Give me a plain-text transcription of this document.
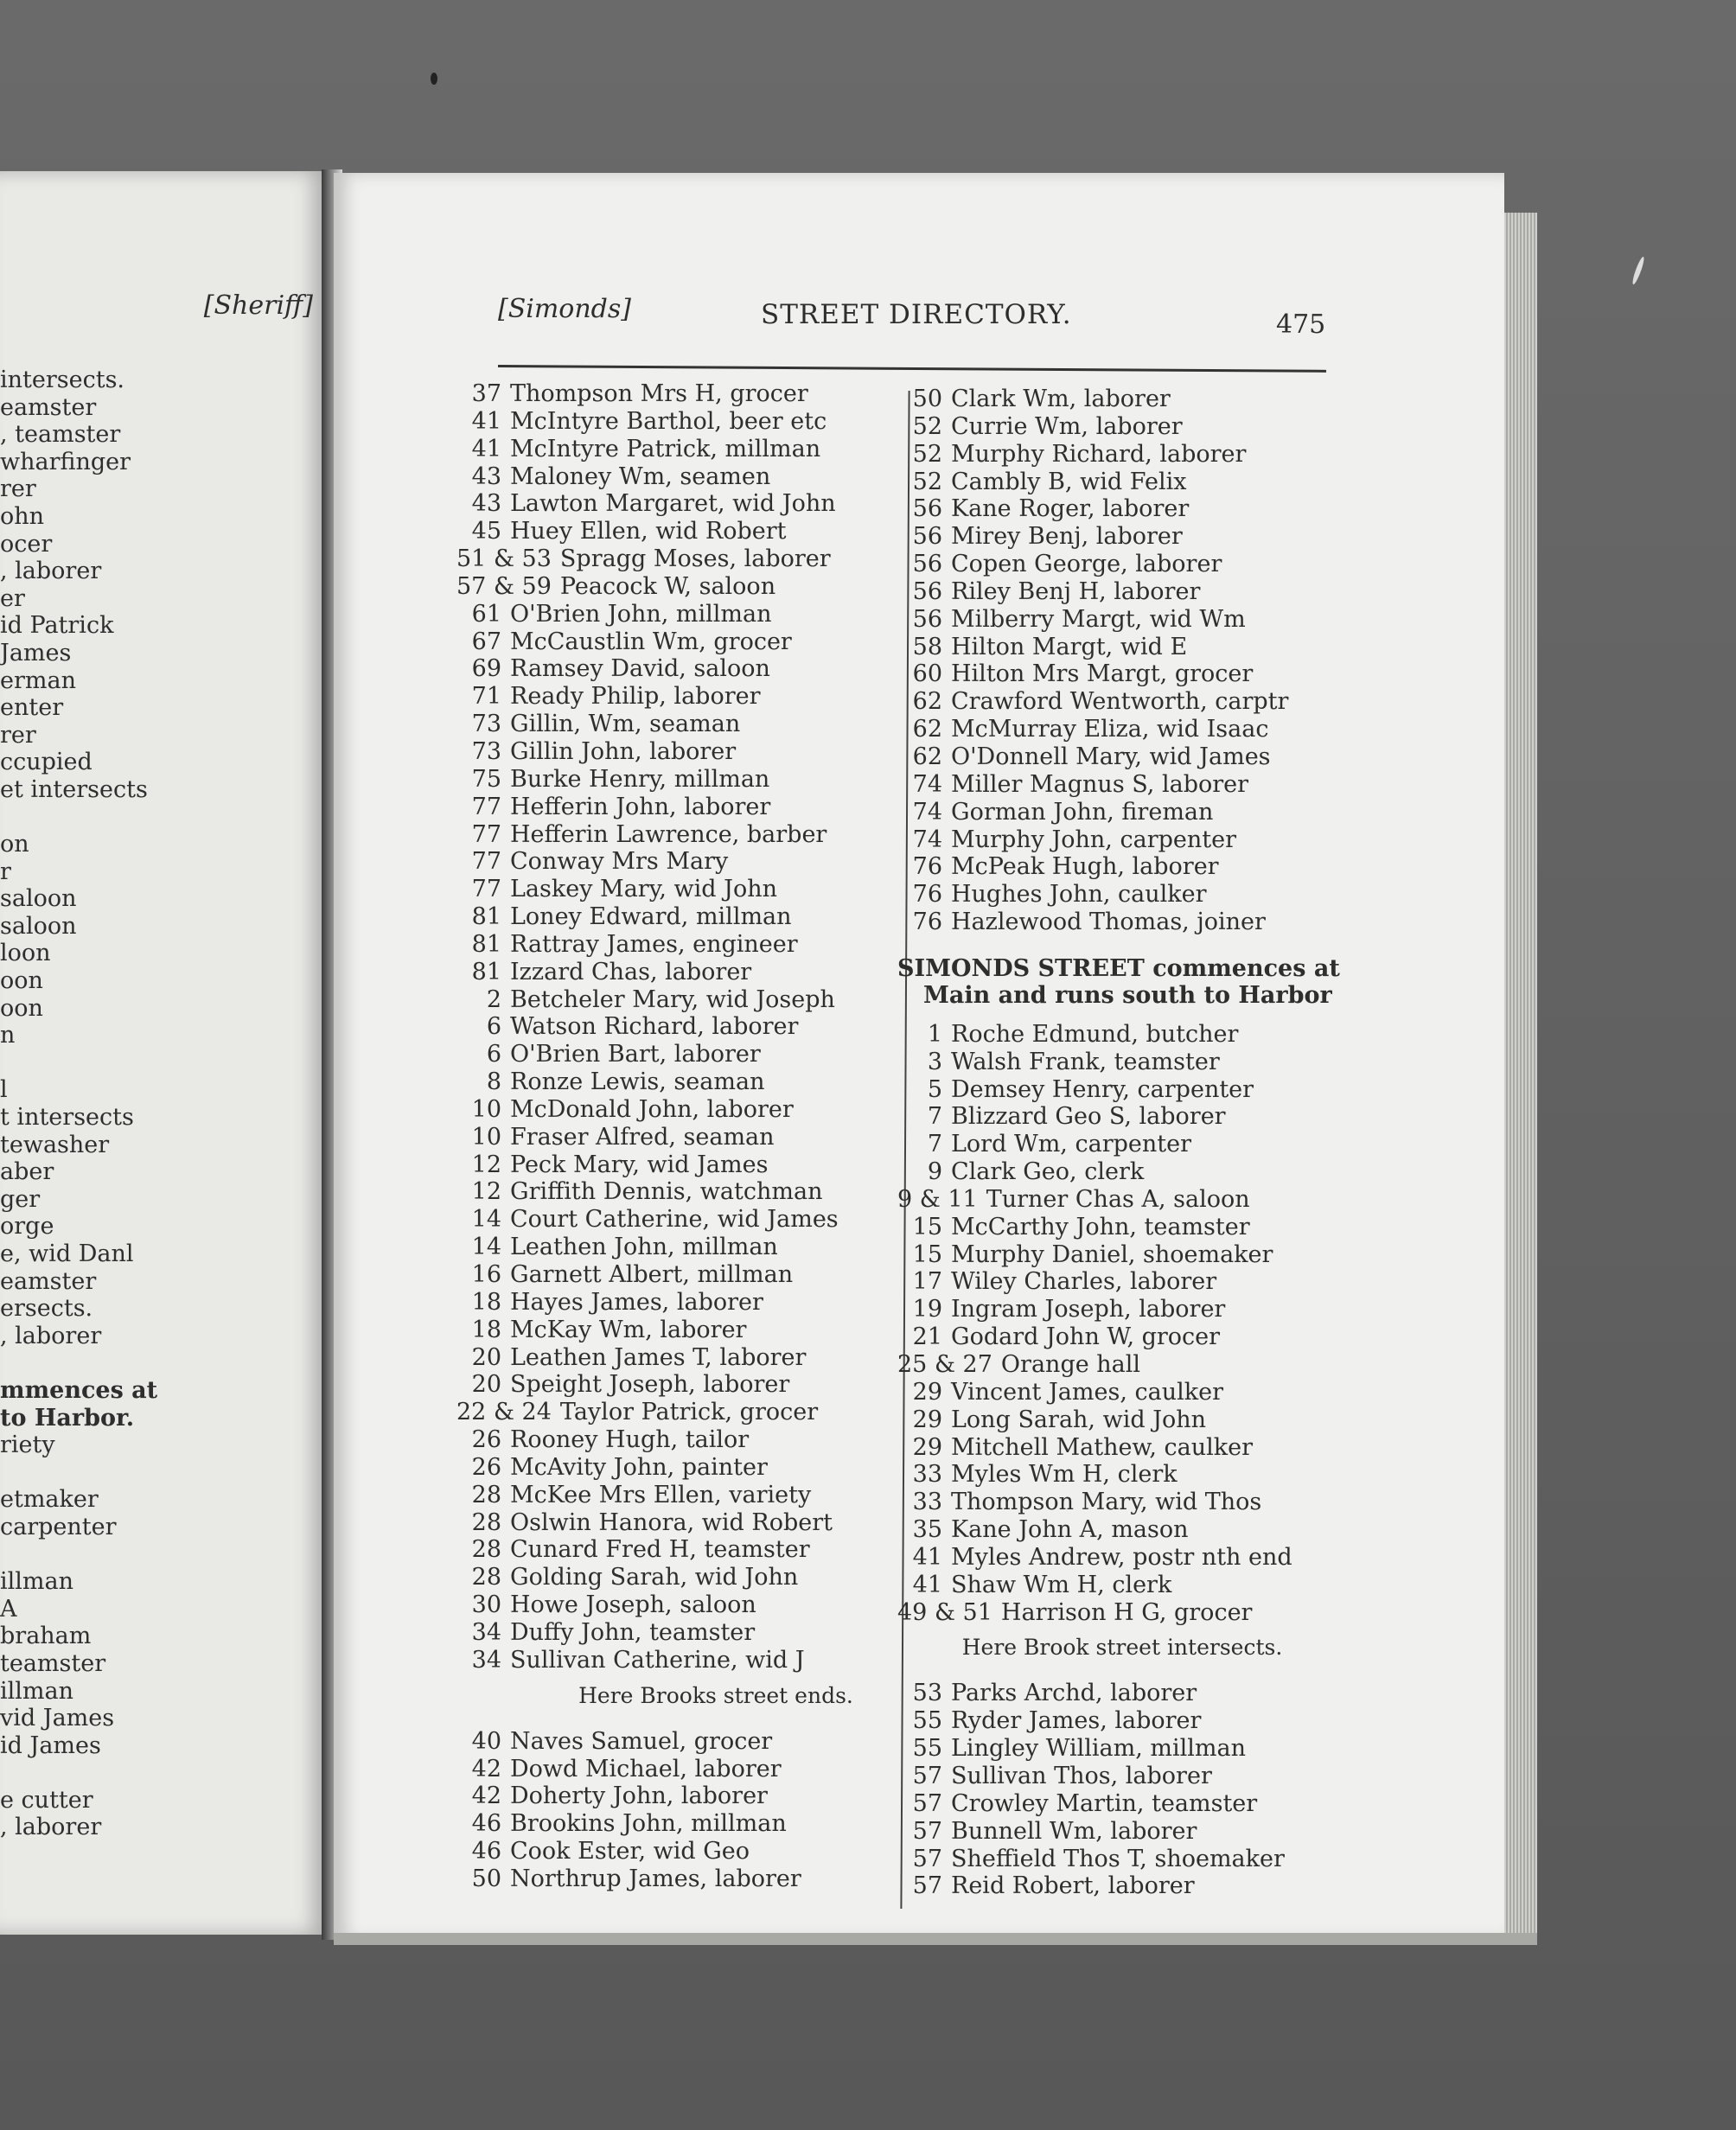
[Sheriff]
intersects.
eamster
, teamster
wharfinger
rer
ohn
ocer
, laborer
er
id Patrick
James
erman
enter
rer
ccupied
et intersects
on
r
saloon
saloon
loon
oon
oon
n
l
t intersects
tewasher
aber
ger
orge
e, wid Danl
eamster
ersects.
, laborer
mmences at
to Harbor.
riety
etmaker
carpenter
illman
A
braham
teamster
illman
vid James
id James
e cutter
, laborer
[Simonds]	STREET DIRECTORY.	475
37 Thompson Mrs H, grocer
41 McIntyre Barthol, beer etc
41 McIntyre Patrick, millman
43 Maloney Wm, seamen
43 Lawton Margaret, wid John
45 Huey Ellen, wid Robert
51 & 53 Spragg Moses, laborer
57 & 59 Peacock W, saloon
61 O'Brien John, millman
67 McCaustlin Wm, grocer
69 Ramsey David, saloon
71 Ready Philip, laborer
73 Gillin, Wm, seaman
73 Gillin John, laborer
75 Burke Henry, millman
77 Hefferin John, laborer
77 Hefferin Lawrence, barber
77 Conway Mrs Mary
77 Laskey Mary, wid John
81 Loney Edward, millman
81 Rattray James, engineer
81 Izzard Chas, laborer
2 Betcheler Mary, wid Joseph
6 Watson Richard, laborer
6 O'Brien Bart, laborer
8 Ronze Lewis, seaman
10 McDonald John, laborer
10 Fraser Alfred, seaman
12 Peck Mary, wid James
12 Griffith Dennis, watchman
14 Court Catherine, wid James
14 Leathen John, millman
16 Garnett Albert, millman
18 Hayes James, laborer
18 McKay Wm, laborer
20 Leathen James T, laborer
20 Speight Joseph, laborer
22 & 24 Taylor Patrick, grocer
26 Rooney Hugh, tailor
26 McAvity John, painter
28 McKee Mrs Ellen, variety
28 Oslwin Hanora, wid Robert
28 Cunard Fred H, teamster
28 Golding Sarah, wid John
30 Howe Joseph, saloon
34 Duffy John, teamster
34 Sullivan Catherine, wid J
Here Brooks street ends.
40 Naves Samuel, grocer
42 Dowd Michael, laborer
42 Doherty John, laborer
46 Brookins John, millman
46 Cook Ester, wid Geo
50 Northrup James, laborer
50 Clark Wm, laborer
52 Currie Wm, laborer
52 Murphy Richard, laborer
52 Cambly B, wid Felix
56 Kane Roger, laborer
56 Mirey Benj, laborer
56 Copen George, laborer
56 Riley Benj H, laborer
56 Milberry Margt, wid Wm
58 Hilton Margt, wid E
60 Hilton Mrs Margt, grocer
62 Crawford Wentworth, carptr
62 McMurray Eliza, wid Isaac
62 O'Donnell Mary, wid James
74 Miller Magnus S, laborer
74 Gorman John, fireman
74 Murphy John, carpenter
76 McPeak Hugh, laborer
76 Hughes John, caulker
76 Hazlewood Thomas, joiner
SIMONDS STREET commences at
Main and runs south to Harbor
1 Roche Edmund, butcher
3 Walsh Frank, teamster
5 Demsey Henry, carpenter
7 Blizzard Geo S, laborer
7 Lord Wm, carpenter
9 Clark Geo, clerk
9 & 11 Turner Chas A, saloon
15 McCarthy John, teamster
15 Murphy Daniel, shoemaker
17 Wiley Charles, laborer
19 Ingram Joseph, laborer
21 Godard John W, grocer
25 & 27 Orange hall
29 Vincent James, caulker
29 Long Sarah, wid John
29 Mitchell Mathew, caulker
33 Myles Wm H, clerk
33 Thompson Mary, wid Thos
35 Kane John A, mason
41 Myles Andrew, postr nth end
41 Shaw Wm H, clerk
49 & 51 Harrison H G, grocer
Here Brook street intersects.
53 Parks Archd, laborer
55 Ryder James, laborer
55 Lingley William, millman
57 Sullivan Thos, laborer
57 Crowley Martin, teamster
57 Bunnell Wm, laborer
57 Sheffield Thos T, shoemaker
57 Reid Robert, laborer
